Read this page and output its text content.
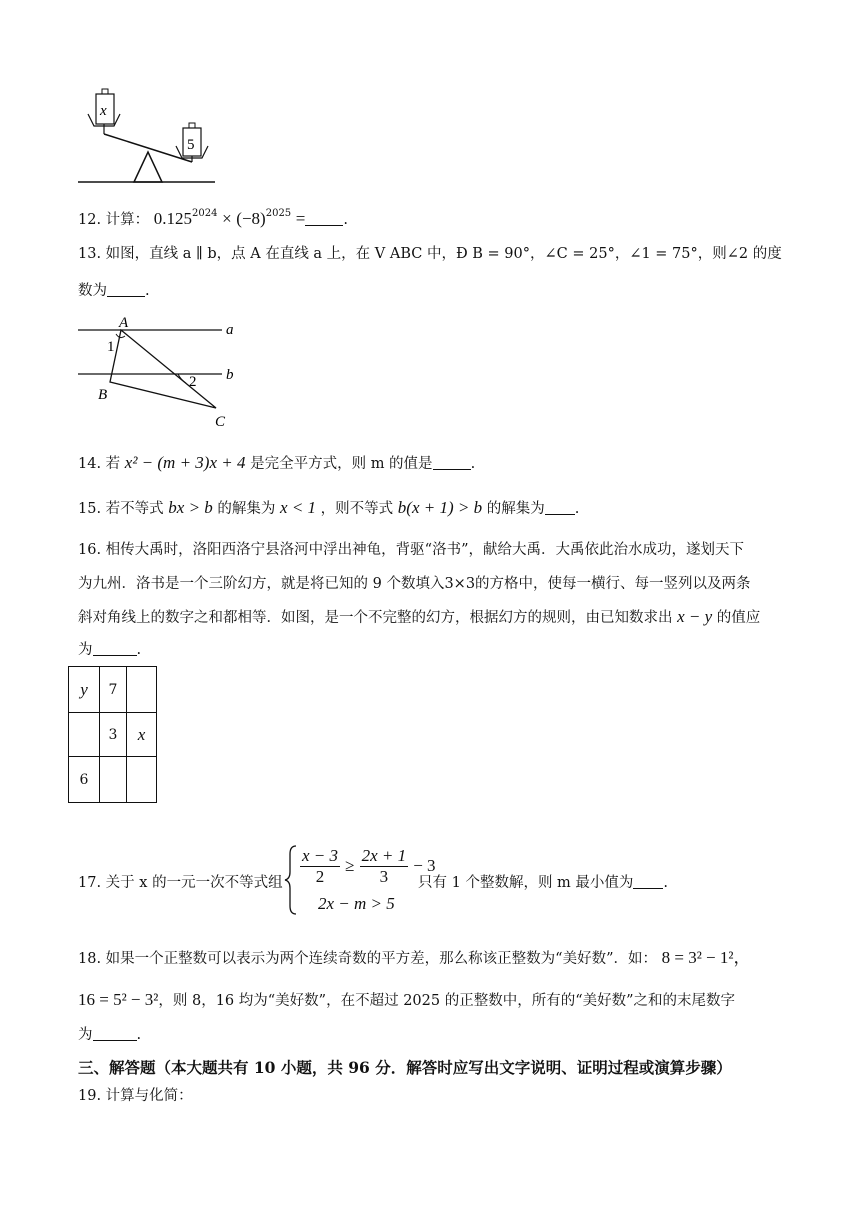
x
5
12. 计算： $0.125^{2024} \times (-8)^{2025}$ =	.
13. 如图，直线 a ∥ b，点 A 在直线 a 上，在 V ABC 中，Ð B = 90°，∠C = 25°，∠1 = 75°，则∠2 的度
数为	.
A
B
C
a
b
1
2
14. 若 x² − (m + 3)x + 4 是完全平方式，则 m 的值是	.
15. 若不等式 bx > b 的解集为 x < 1 ，则不等式 b(x + 1) > b 的解集为 .
16. 相传大禹时，洛阳西洛宁县洛河中浮出神龟，背驱“洛书”，献给大禹．大禹依此治水成功，遂划天下
为九州．洛书是一个三阶幻方，就是将已知的 9 个数填入3×3的方格中，使每一横行、每一竖列以及两条
斜对角线上的数字之和都相等．如图，是一个不完整的幻方，根据幻方的规则，由已知数求出 x − y 的值应
为	.
y	7	
	3	x
6		
17. 关于 x 的一元一次不等式组 $\frac{x - 3}{2} \ge \frac{2x + 1}{3} - 3$
2x − m > 5
只有 1 个整数解，则 m 最小值为 .
18. 如果一个正整数可以表示为两个连续奇数的平方差，那么称该正整数为“美好数”．如： 8 = 3² − 1²，
16 = 5² − 3²，则 8，16 均为“美好数”，在不超过 2025 的正整数中，所有的“美好数”之和的末尾数字
为	.
三、解答题（本大题共有 10 小题，共 96 分．解答时应写出文字说明、证明过程或演算步骤）
19. 计算与化简：
